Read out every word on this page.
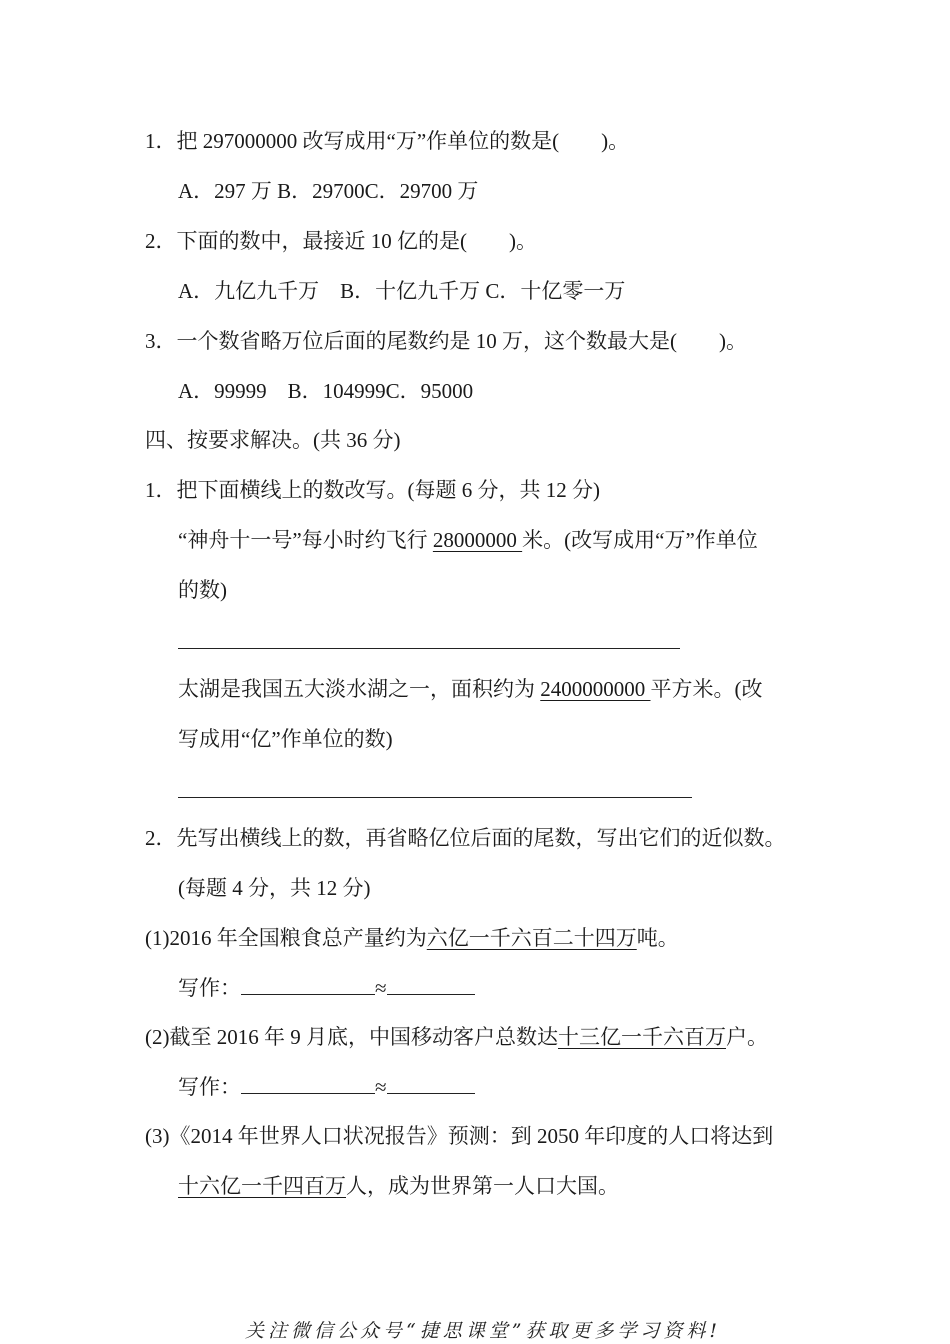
1．把 297000000 改写成用“万”作单位的数是(　　)。
A．297 万 B．29700C．29700 万
2．下面的数中，最接近 10 亿的是(　　)。
A．九亿九千万　B．十亿九千万 C．十亿零一万
3．一个数省略万位后面的尾数约是 10 万，这个数最大是(　　)。
A．99999　B．104999C．95000
四、按要求解决。(共 36 分)
1．把下面横线上的数改写。(每题 6 分，共 12 分)
“神舟十一号”每小时约飞行 28000000 米。(改写成用“万”作单位
的数)
太湖是我国五大淡水湖之一，面积约为 2400000000 平方米。(改
写成用“亿”作单位的数)
2．先写出横线上的数，再省略亿位后面的尾数，写出它们的近似数。
(每题 4 分，共 12 分)
(1)2016 年全国粮食总产量约为六亿一千六百二十四万吨。
写作：	≈
(2)截至 2016 年 9 月底，中国移动客户总数达十三亿一千六百万户。
写作：	≈
(3)《2014 年世界人口状况报告》预测：到 2050 年印度的人口将达到
十六亿一千四百万人，成为世界第一人口大国。
关注微信公众号“捷思课堂”获取更多学习资料!
